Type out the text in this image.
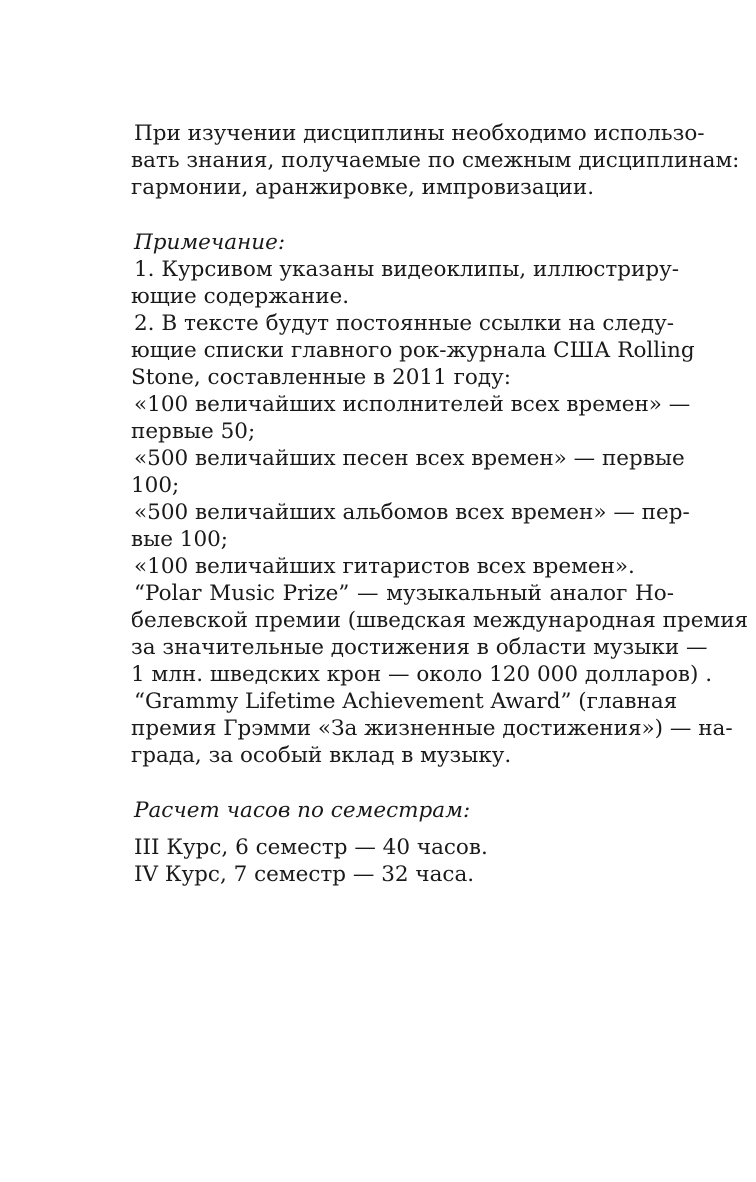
При изучении дисциплины необходимо использо-
вать знания, получаемые по смежным дисциплинам:
гармонии, аранжировке, импровизации.
Примечание:
1. Курсивом указаны видеоклипы, иллюстриру-
ющие содержание.
2. В тексте будут постоянные ссылки на следу-
ющие списки главного рок-журнала США Rolling
Stone, составленные в 2011 году:
«100 величайших исполнителей всех времен» —
первые 50;
«500 величайших песен всех времен» — первые
100;
«500 величайших альбомов всех времен» — пер-
вые 100;
«100 величайших гитаристов всех времен».
“Polar Music Prize” — музыкальный аналог Но-
белевской премии (шведская международная премия
за значительные достижения в области музыки —
1 млн. шведских крон — около 120 000 долларов) .
“Grammy Lifetime Achievement Award” (главная
премия Грэмми «За жизненные достижения») — на-
града, за особый вклад в музыку.
Расчет часов по семестрам:
III Курс, 6 семестр — 40 часов.
IV Курс, 7 семестр — 32 часа.
